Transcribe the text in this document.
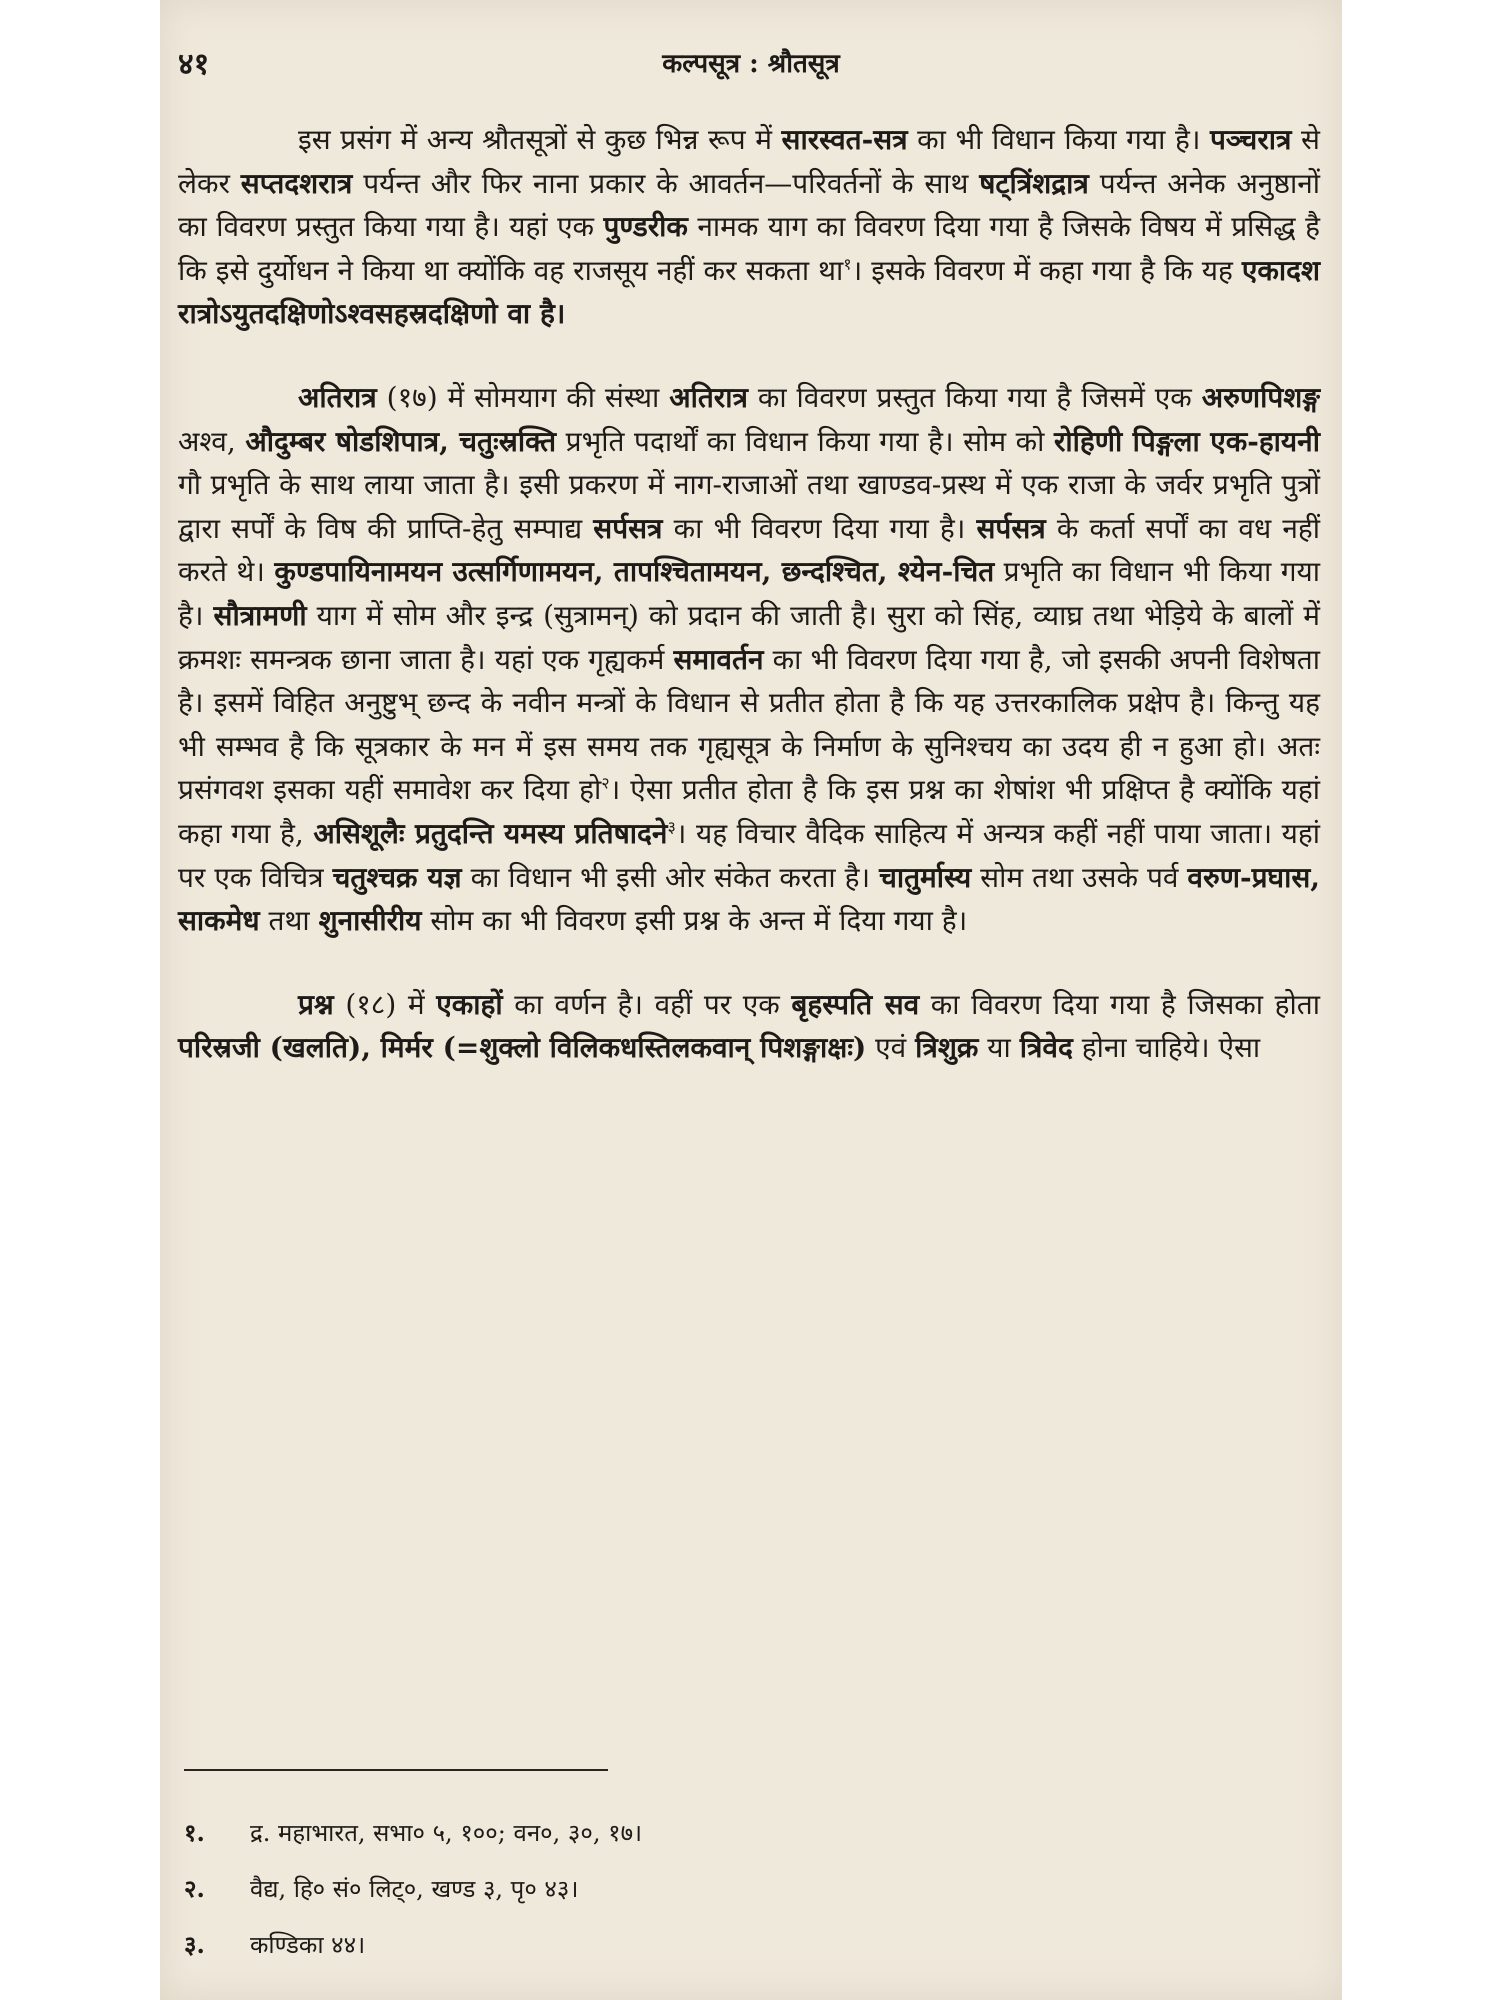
४१	कल्पसूत्र : श्रौतसूत्र

इस प्रसंग में अन्य श्रौतसूत्रों से कुछ भिन्न रूप में सारस्वत-सत्र का भी विधान किया गया है। पञ्चरात्र से लेकर सप्तदशरात्र पर्यन्त और फिर नाना प्रकार के आवर्तन—परिवर्तनों के साथ षट्त्रिंशद्रात्र पर्यन्त अनेक अनुष्ठानों का विवरण प्रस्तुत किया गया है। यहां एक पुण्डरीक नामक याग का विवरण दिया गया है जिसके विषय में प्रसिद्ध है कि इसे दुर्योधन ने किया था क्योंकि वह राजसूय नहीं कर सकता था$^१$। इसके विवरण में कहा गया है कि यह एकादश रात्रोऽयुतदक्षिणोऽश्वसहस्रदक्षिणो वा है।

अतिरात्र (१७) में सोमयाग की संस्था अतिरात्र का विवरण प्रस्तुत किया गया है जिसमें एक अरुणपिशङ्ग अश्व, औदुम्बर षोडशिपात्र, चतुःस्रक्ति प्रभृति पदार्थों का विधान किया गया है। सोम को रोहिणी पिङ्गला एक-हायनी गौ प्रभृति के साथ लाया जाता है। इसी प्रकरण में नाग-राजाओं तथा खाण्डव-प्रस्थ में एक राजा के जर्वर प्रभृति पुत्रों द्वारा सर्पों के विष की प्राप्ति-हेतु सम्पाद्य सर्पसत्र का भी विवरण दिया गया है। सर्पसत्र के कर्ता सर्पों का वध नहीं करते थे। कुण्डपायिनामयन उत्सर्गिणामयन, तापश्चितामयन, छन्दश्चित, श्येन-चित प्रभृति का विधान भी किया गया है। सौत्रामणी याग में सोम और इन्द्र (सुत्रामन्) को प्रदान की जाती है। सुरा को सिंह, व्याघ्र तथा भेड़िये के बालों में क्रमशः समन्त्रक छाना जाता है। यहां एक गृह्यकर्म समावर्तन का भी विवरण दिया गया है, जो इसकी अपनी विशेषता है। इसमें विहित अनुष्टुभ् छन्द के नवीन मन्त्रों के विधान से प्रतीत होता है कि यह उत्तरकालिक प्रक्षेप है। किन्तु यह भी सम्भव है कि सूत्रकार के मन में इस समय तक गृह्यसूत्र के निर्माण के सुनिश्चय का उदय ही न हुआ हो। अतः प्रसंगवश इसका यहीं समावेश कर दिया हो$^२$। ऐसा प्रतीत होता है कि इस प्रश्न का शेषांश भी प्रक्षिप्त है क्योंकि यहां कहा गया है, असिशूलैः प्रतुदन्ति यमस्य प्रतिषादने$^३$। यह विचार वैदिक साहित्य में अन्यत्र कहीं नहीं पाया जाता। यहां पर एक विचित्र चतुश्चक्र यज्ञ का विधान भी इसी ओर संकेत करता है। चातुर्मास्य सोम तथा उसके पर्व वरुण-प्रघास, साकमेध तथा शुनासीरीय सोम का भी विवरण इसी प्रश्न के अन्त में दिया गया है।

प्रश्न (१८) में एकाहों का वर्णन है। वहीं पर एक बृहस्पति सव का विवरण दिया गया है जिसका होता परिस्रजी (खलति), मिर्मर (=शुक्लो विलिकधस्तिलकवान् पिशङ्गाक्षः) एवं त्रिशुक्र या त्रिवेद होना चाहिये। ऐसा

१.	द्र. महाभारत, सभा० ५, १००; वन०, ३०, १७।
२.	वैद्य, हि० सं० लिट्०, खण्ड ३, पृ० ४३।
३.	कण्डिका ४४।
